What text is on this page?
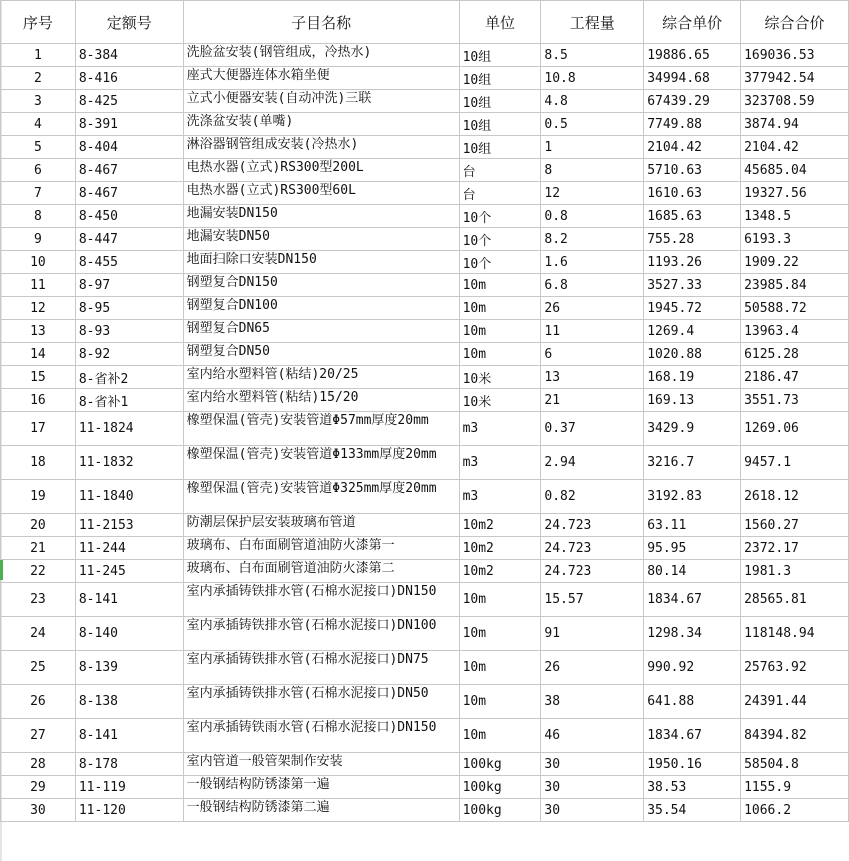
序号	定额号	子目名称	单位	工程量	综合单价	综合合价
1	8-384	洗脸盆安装(钢管组成，冷热水)	10组	8.5	19886.65	169036.53
2	8-416	座式大便器连体水箱坐便	10组	10.8	34994.68	377942.54
3	8-425	立式小便器安装(自动冲洗)三联	10组	4.8	67439.29	323708.59
4	8-391	洗涤盆安装(单嘴)	10组	0.5	7749.88	3874.94
5	8-404	淋浴器钢管组成安装(冷热水)	10组	1	2104.42	2104.42
6	8-467	电热水器(立式)RS300型200L	台	8	5710.63	45685.04
7	8-467	电热水器(立式)RS300型60L	台	12	1610.63	19327.56
8	8-450	地漏安装DN150	10个	0.8	1685.63	1348.5
9	8-447	地漏安装DN50	10个	8.2	755.28	6193.3
10	8-455	地面扫除口安装DN150	10个	1.6	1193.26	1909.22
11	8-97	钢塑复合DN150	10m	6.8	3527.33	23985.84
12	8-95	钢塑复合DN100	10m	26	1945.72	50588.72
13	8-93	钢塑复合DN65	10m	11	1269.4	13963.4
14	8-92	钢塑复合DN50	10m	6	1020.88	6125.28
15	8-省补2	室内给水塑料管(粘结)20/25	10米	13	168.19	2186.47
16	8-省补1	室内给水塑料管(粘结)15/20	10米	21	169.13	3551.73
17	11-1824	橡塑保温(管壳)安装管道Φ57mm厚度20mm	m3	0.37	3429.9	1269.06
18	11-1832	橡塑保温(管壳)安装管道Φ133mm厚度20mm	m3	2.94	3216.7	9457.1
19	11-1840	橡塑保温(管壳)安装管道Φ325mm厚度20mm	m3	0.82	3192.83	2618.12
20	11-2153	防潮层保护层安装玻璃布管道	10m2	24.723	63.11	1560.27
21	11-244	玻璃布、白布面刷管道油防火漆第一	10m2	24.723	95.95	2372.17
22	11-245	玻璃布、白布面刷管道油防火漆第二	10m2	24.723	80.14	1981.3
23	8-141	室内承插铸铁排水管(石棉水泥接口)DN150	10m	15.57	1834.67	28565.81
24	8-140	室内承插铸铁排水管(石棉水泥接口)DN100	10m	91	1298.34	118148.94
25	8-139	室内承插铸铁排水管(石棉水泥接口)DN75	10m	26	990.92	25763.92
26	8-138	室内承插铸铁排水管(石棉水泥接口)DN50	10m	38	641.88	24391.44
27	8-141	室内承插铸铁雨水管(石棉水泥接口)DN150	10m	46	1834.67	84394.82
28	8-178	室内管道一般管架制作安装	100kg	30	1950.16	58504.8
29	11-119	一般钢结构防锈漆第一遍	100kg	30	38.53	1155.9
30	11-120	一般钢结构防锈漆第二遍	100kg	30	35.54	1066.2
